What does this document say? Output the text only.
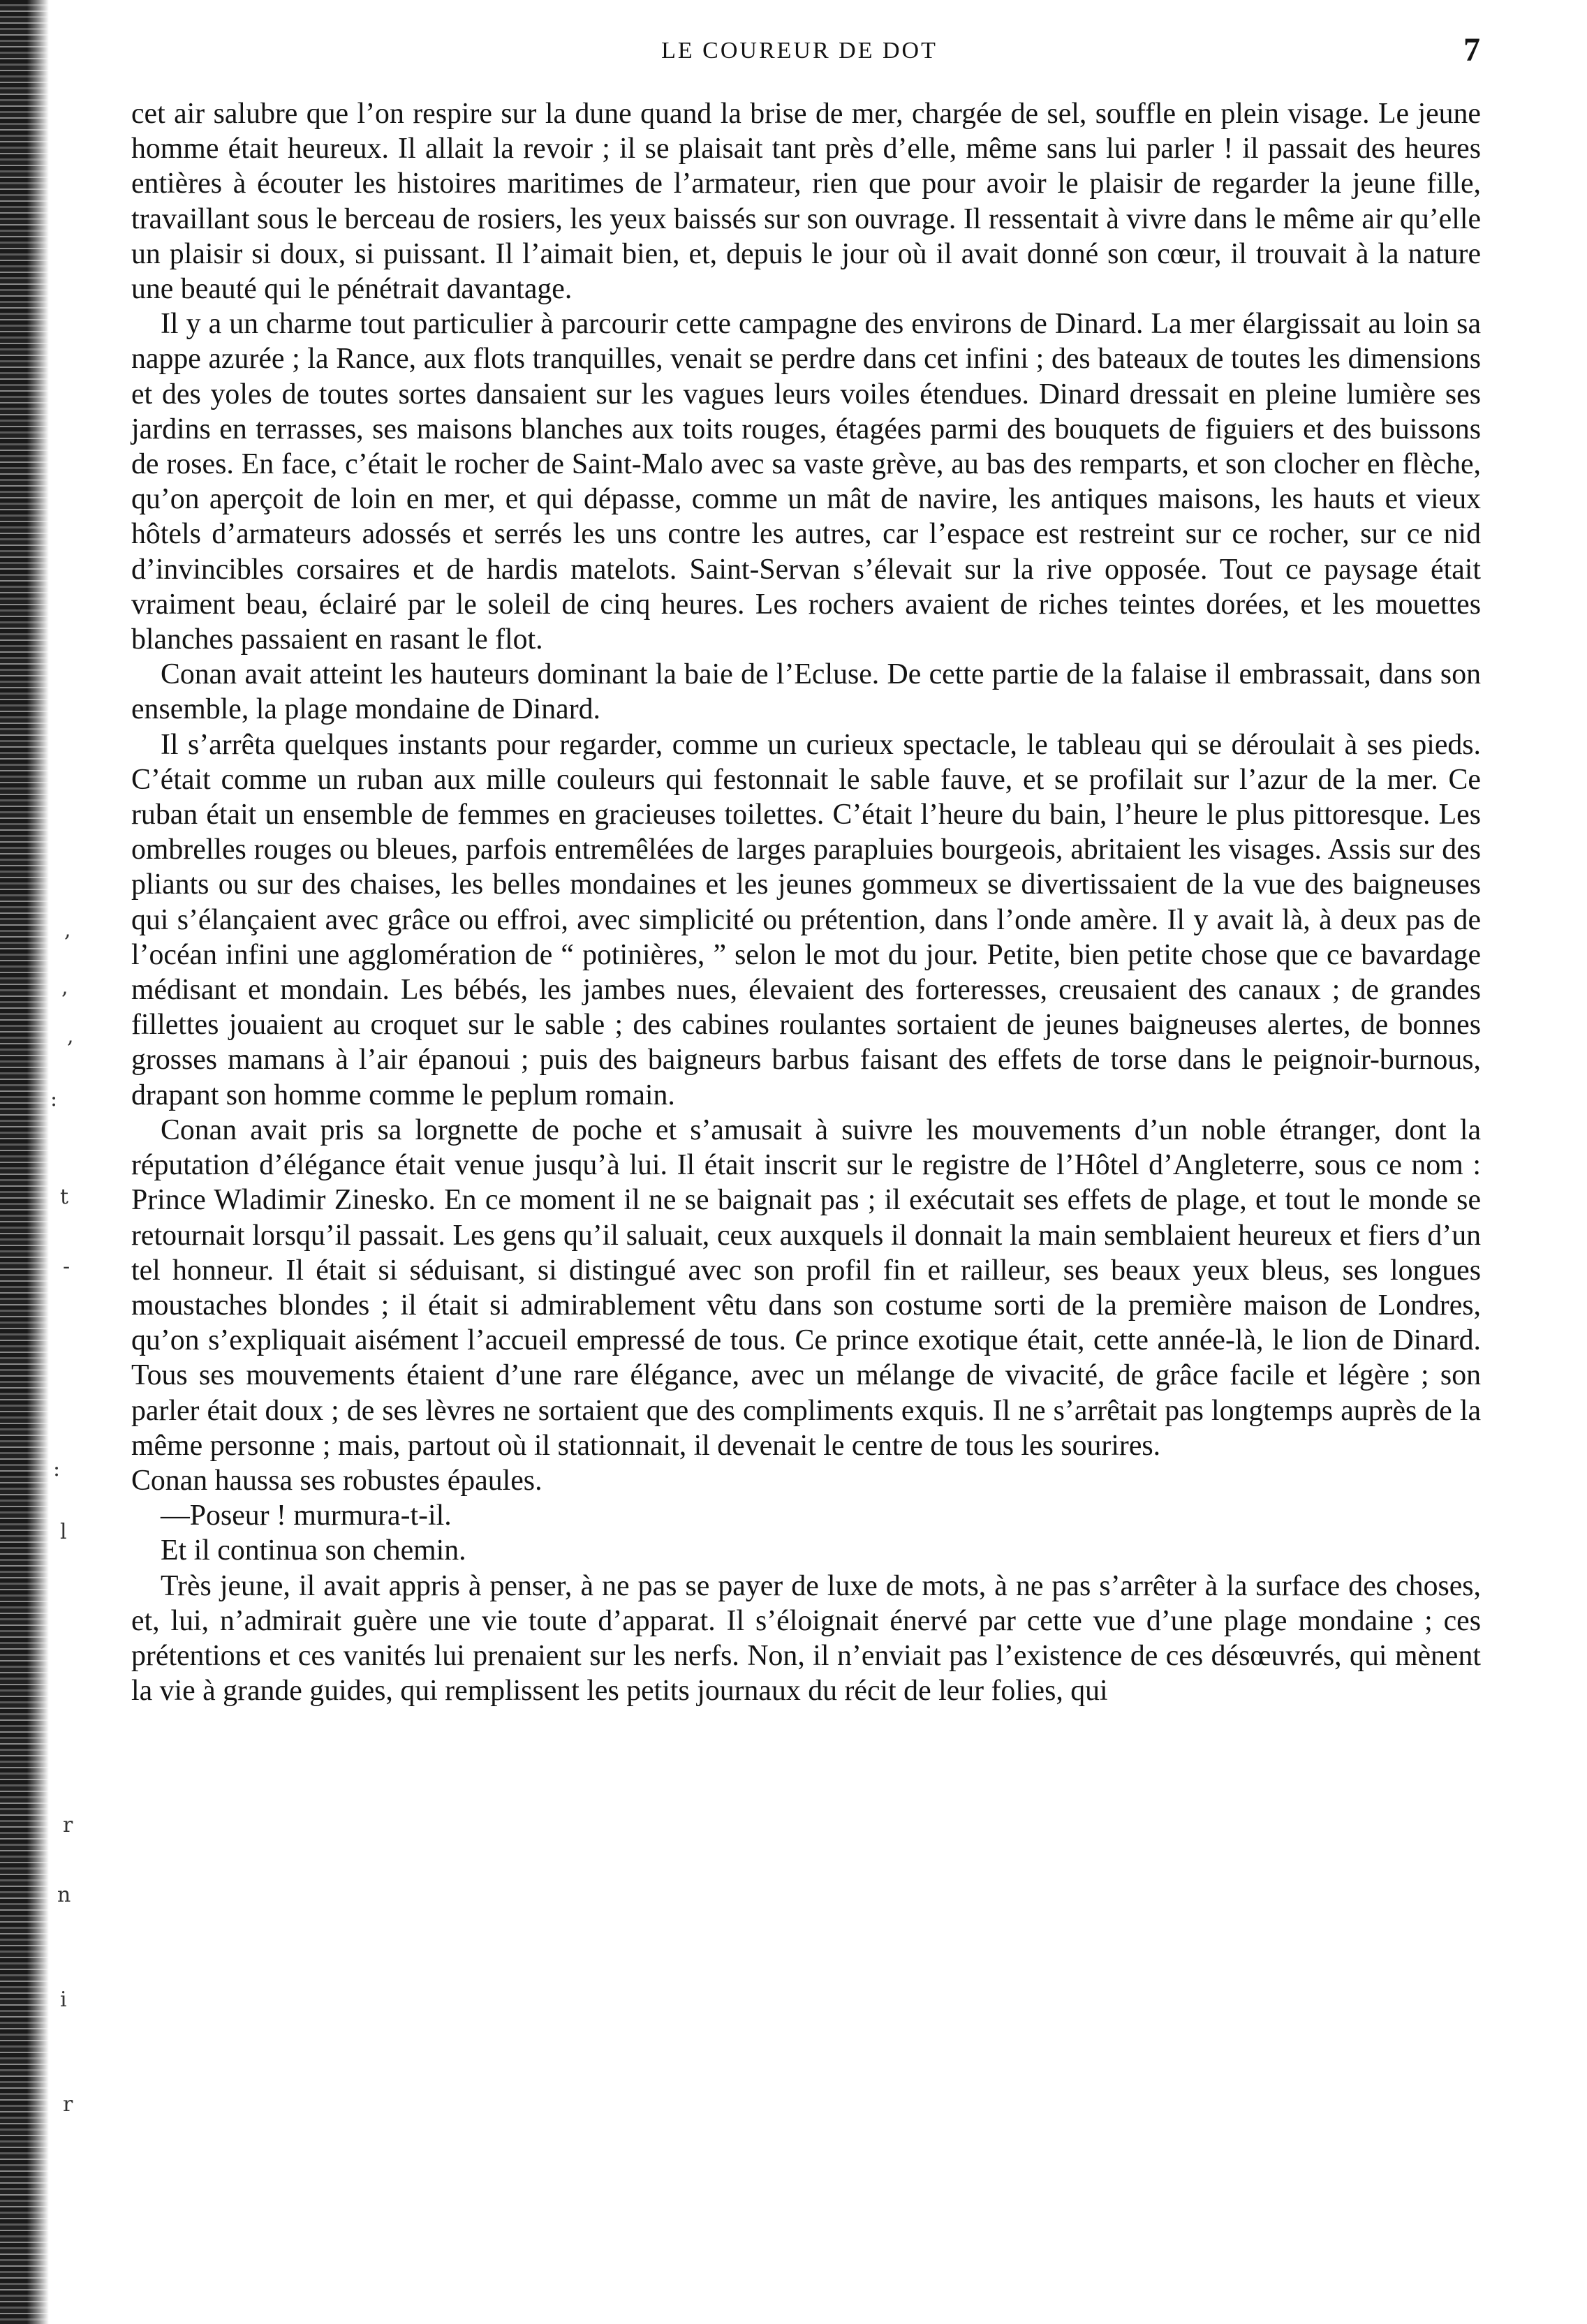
,
,
,
:
t
-
:
l
r
n
i
r
LE COUREUR DE DOT	7

cet air salubre que l’on respire sur la dune quand la brise de mer, chargée de sel, souffle en plein visage. Le jeune homme était heureux. Il allait la revoir ; il se plaisait tant près d’elle, même sans lui parler ! il passait des heures entières à écouter les histoires maritimes de l’armateur, rien que pour avoir le plaisir de regarder la jeune fille, travaillant sous le berceau de rosiers, les yeux baissés sur son ouvrage. Il ressentait à vivre dans le même air qu’elle un plaisir si doux, si puissant. Il l’aimait bien, et, depuis le jour où il avait donné son cœur, il trouvait à la nature une beauté qui le pénétrait davantage.

Il y a un charme tout particulier à parcourir cette campagne des environs de Dinard. La mer élargissait au loin sa nappe azurée ; la Rance, aux flots tranquilles, venait se perdre dans cet infini ; des bateaux de toutes les dimensions et des yoles de toutes sortes dansaient sur les vagues leurs voiles étendues. Dinard dressait en pleine lumière ses jardins en terrasses, ses maisons blanches aux toits rouges, étagées parmi des bouquets de figuiers et des buissons de roses. En face, c’était le rocher de Saint-Malo avec sa vaste grève, au bas des remparts, et son clocher en flèche, qu’on aperçoit de loin en mer, et qui dépasse, comme un mât de navire, les antiques maisons, les hauts et vieux hôtels d’armateurs adossés et serrés les uns contre les autres, car l’espace est restreint sur ce rocher, sur ce nid d’invincibles corsaires et de hardis matelots. Saint-Servan s’élevait sur la rive opposée. Tout ce paysage était vraiment beau, éclairé par le soleil de cinq heures. Les rochers avaient de riches teintes dorées, et les mouettes blanches passaient en rasant le flot.

Conan avait atteint les hauteurs dominant la baie de l’Ecluse. De cette partie de la falaise il embrassait, dans son ensemble, la plage mondaine de Dinard.

Il s’arrêta quelques instants pour regarder, comme un curieux spectacle, le tableau qui se déroulait à ses pieds. C’était comme un ruban aux mille couleurs qui festonnait le sable fauve, et se profilait sur l’azur de la mer. Ce ruban était un ensemble de femmes en gracieuses toilettes. C’était l’heure du bain, l’heure le plus pittoresque. Les ombrelles rouges ou bleues, parfois entremêlées de larges parapluies bourgeois, abritaient les visages. Assis sur des pliants ou sur des chaises, les belles mondaines et les jeunes gommeux se divertissaient de la vue des baigneuses qui s’élançaient avec grâce ou effroi, avec simplicité ou prétention, dans l’onde amère. Il y avait là, à deux pas de l’océan infini une agglomération de “ potinières, ” selon le mot du jour. Petite, bien petite chose que ce bavardage médisant et mondain. Les bébés, les jambes nues, élevaient des forteresses, creusaient des canaux ; de grandes fillettes jouaient au croquet sur le sable ; des cabines roulantes sortaient de jeunes baigneuses alertes, de bonnes grosses mamans à l’air épanoui ; puis des baigneurs barbus faisant des effets de torse dans le peignoir-burnous, drapant son homme comme le peplum romain.

Conan avait pris sa lorgnette de poche et s’amusait à suivre les mouvements d’un noble étranger, dont la réputation d’élégance était venue jusqu’à lui. Il était inscrit sur le registre de l’Hôtel d’Angleterre, sous ce nom : Prince Wladimir Zinesko. En ce moment il ne se baignait pas ; il exécutait ses effets de plage, et tout le monde se retournait lorsqu’il passait. Les gens qu’il saluait, ceux auxquels il donnait la main semblaient heureux et fiers d’un tel honneur. Il était si séduisant, si distingué avec son profil fin et railleur, ses beaux yeux bleus, ses longues moustaches blondes ; il était si admirablement vêtu dans son costume sorti de la première maison de Londres, qu’on s’expliquait aisément l’accueil empressé de tous. Ce prince exotique était, cette année-là, le lion de Dinard. Tous ses mouvements étaient d’une rare élégance, avec un mélange de vivacité, de grâce facile et légère ; son parler était doux ; de ses lèvres ne sortaient que des compliments exquis. Il ne s’arrêtait pas longtemps auprès de la même personne ; mais, partout où il stationnait, il devenait le centre de tous les sourires.

Conan haussa ses robustes épaules.

—Poseur ! murmura-t-il.

Et il continua son chemin.

Très jeune, il avait appris à penser, à ne pas se payer de luxe de mots, à ne pas s’arrêter à la surface des choses, et, lui, n’admirait guère une vie toute d’apparat. Il s’éloignait énervé par cette vue d’une plage mondaine ; ces prétentions et ces vanités lui prenaient sur les nerfs. Non, il n’enviait pas l’existence de ces désœuvrés, qui mènent la vie à grande guides, qui remplissent les petits journaux du récit de leur folies, qui
